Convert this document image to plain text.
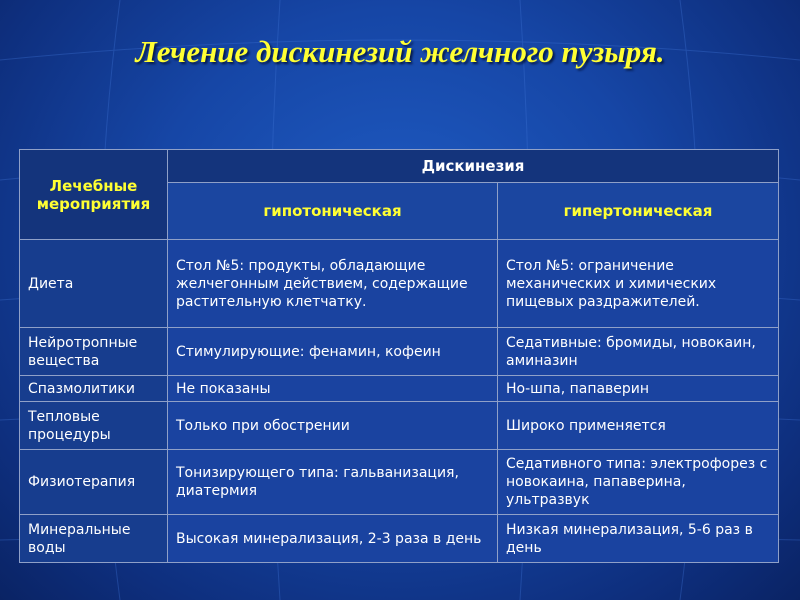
Лечение дискинезий желчного пузыря.
Лечебные мероприятия	Дискинезия	
	гипотоническая	гипертоническая
Диета	Стол №5: продукты, обладающие желчегонным действием, содержащие растительную клетчатку.	Стол №5: ограничение механических и химических пищевых раздражителей.
Нейротропные вещества	Стимулирующие: фенамин, кофеин	Седативные: бромиды, новокаин, аминазин
Спазмолитики	Не показаны	Но-шпа, папаверин
Тепловые процедуры	Только при обострении	Широко применяется
Физиотерапия	Тонизирующего типа: гальванизация, диатермия	Седативного типа: электрофорез с новокаина, папаверина, ультразвук
Минеральные воды	Высокая минерализация, 2-3 раза в день	Низкая минерализация, 5-6 раз в день
